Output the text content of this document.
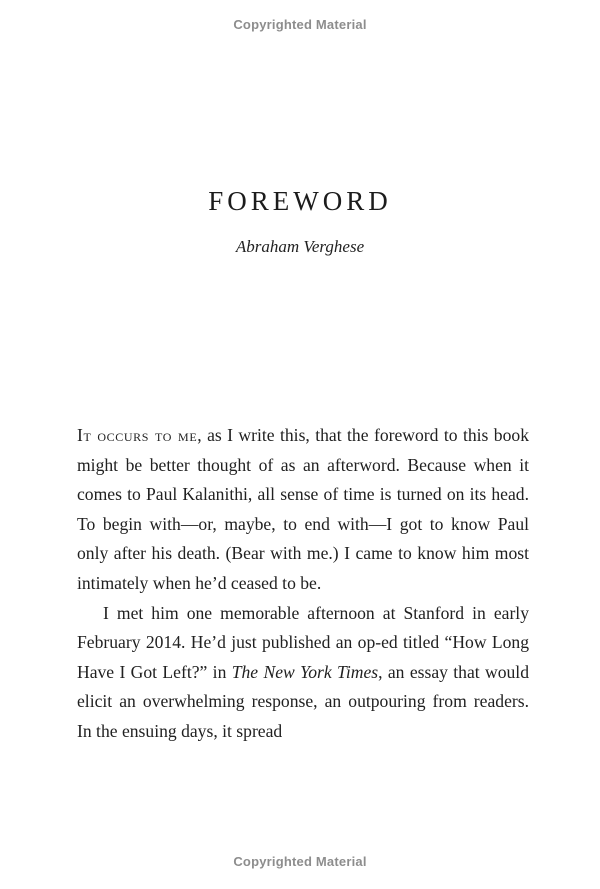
Copyrighted Material
FOREWORD
Abraham Verghese

It occurs to me, as I write this, that the foreword to this book might be better thought of as an afterword. Because when it comes to Paul Kalanithi, all sense of time is turned on its head. To begin with—or, maybe, to end with—I got to know Paul only after his death. (Bear with me.) I came to know him most intimately when he’d ceased to be.

I met him one memorable afternoon at Stanford in early February 2014. He’d just published an op-ed titled “How Long Have I Got Left?” in The New York Times, an essay that would elicit an overwhelming response, an outpouring from readers. In the ensuing days, it spread

Copyrighted Material
